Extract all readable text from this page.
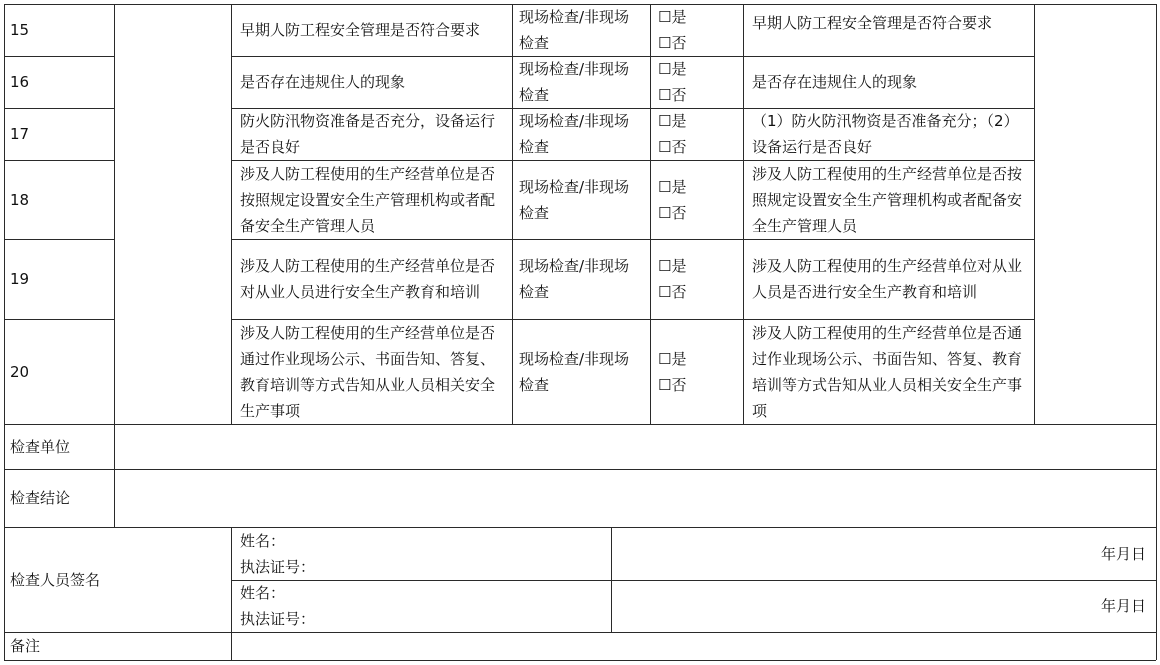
15	早期人防工程安全管理是否符合要求
现场检查/非现场检查
☐是
☐否
早期人防工程安全管理是否符合要求
16	是否存在违规住人的现象
现场检查/非现场检查
☐是
☐否
是否存在违规住人的现象
17
防火防汛物资准备是否充分，设备运行是否良好
现场检查/非现场检查
☐是
☐否
（1）防火防汛物资是否准备充分；（2）设备运行是否良好
18
涉及人防工程使用的生产经营单位是否按照规定设置安全生产管理机构或者配备安全生产管理人员
现场检查/非现场检查
☐是
☐否
涉及人防工程使用的生产经营单位是否按照规定设置安全生产管理机构或者配备安全生产管理人员
19
涉及人防工程使用的生产经营单位是否对从业人员进行安全生产教育和培训
现场检查/非现场检查
☐是
☐否
涉及人防工程使用的生产经营单位对从业人员是否进行安全生产教育和培训
20
涉及人防工程使用的生产经营单位是否通过作业现场公示、书面告知、答复、教育培训等方式告知从业人员相关安全生产事项
现场检查/非现场检查
☐是
☐否
涉及人防工程使用的生产经营单位是否通过作业现场公示、书面告知、答复、教育培训等方式告知从业人员相关安全生产事项
检查单位
检查结论
检查人员签名
姓名：
执法证号：
年月日
姓名：
执法证号：
年月日
备注
